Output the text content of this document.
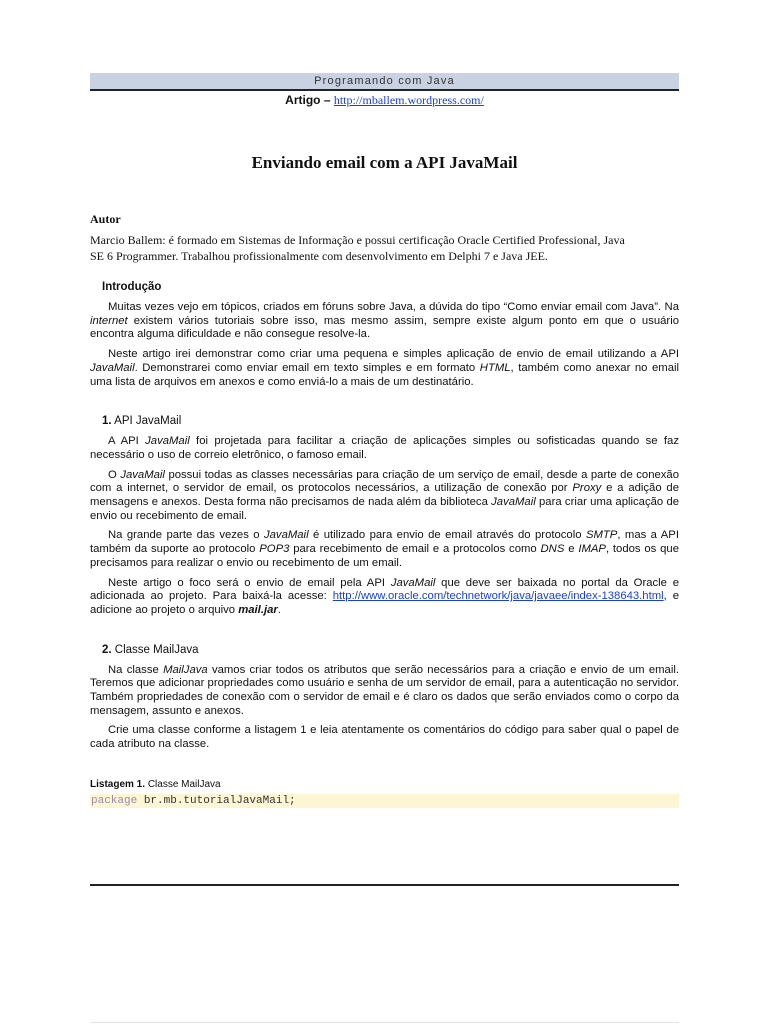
Programando com Java
Artigo – http://mballem.wordpress.com/
Enviando email com a API JavaMail
Autor
Marcio Ballem: é formado em Sistemas de Informação e possui certificação Oracle Certified Professional, Java
SE 6 Programmer. Trabalhou profissionalmente com desenvolvimento em Delphi 7 e Java JEE.
Introdução

Muitas vezes vejo em tópicos, criados em fóruns sobre Java, a dúvida do tipo “Como enviar email com Java”. Na internet existem vários tutoriais sobre isso, mas mesmo assim, sempre existe algum ponto em que o usuário encontra alguma dificuldade e não consegue resolve-la.

Neste artigo irei demonstrar como criar uma pequena e simples aplicação de envio de email utilizando a API JavaMail. Demonstrarei como enviar email em texto simples e em formato HTML, também como anexar no email uma lista de arquivos em anexos e como enviá-lo a mais de um destinatário.

1. API JavaMail

A API JavaMail foi projetada para facilitar a criação de aplicações simples ou sofisticadas quando se faz necessário o uso de correio eletrônico, o famoso email.

O JavaMail possui todas as classes necessárias para criação de um serviço de email, desde a parte de conexão com a internet, o servidor de email, os protocolos necessários, a utilização de conexão por Proxy e a adição de mensagens e anexos. Desta forma não precisamos de nada além da biblioteca JavaMail para criar uma aplicação de envio ou recebimento de email.

Na grande parte das vezes o JavaMail é utilizado para envio de email através do protocolo SMTP, mas a API também da suporte ao protocolo POP3 para recebimento de email e a protocolos como DNS e IMAP, todos os que precisamos para realizar o envio ou recebimento de um email.

Neste artigo o foco será o envio de email pela API JavaMail que deve ser baixada no portal da Oracle e adicionada ao projeto. Para baixá-la acesse: http://www.oracle.com/technetwork/java/javaee/index-138643.html, e adicione ao projeto o arquivo mail.jar.

2. Classe MailJava

Na classe MailJava vamos criar todos os atributos que serão necessários para a criação e envio de um email. Teremos que adicionar propriedades como usuário e senha de um servidor de email, para a autenticação no servidor. Também propriedades de conexão com o servidor de email e é claro os dados que serão enviados como o corpo da mensagem, assunto e anexos.

Crie uma classe conforme a listagem 1 e leia atentamente os comentários do código para saber qual o papel de cada atributo na classe.

Listagem 1. Classe MailJava
package br.mb.tutorialJavaMail;
